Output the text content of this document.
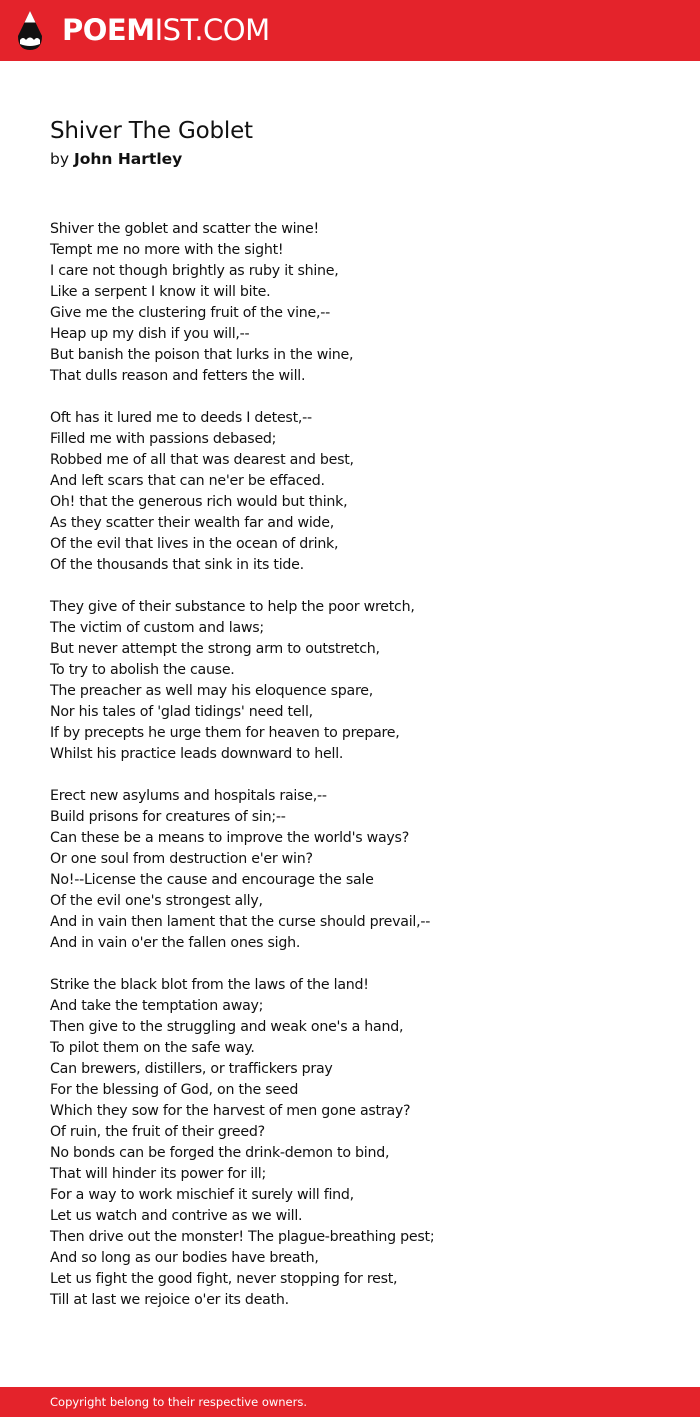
POEMIST.COM
Shiver The Goblet

by John Hartley

Shiver the goblet and scatter the wine!
Tempt me no more with the sight!
I care not though brightly as ruby it shine,
Like a serpent I know it will bite.
Give me the clustering fruit of the vine,--
Heap up my dish if you will,--
But banish the poison that lurks in the wine,
That dulls reason and fetters the will.
Oft has it lured me to deeds I detest,--
Filled me with passions debased;
Robbed me of all that was dearest and best,
And left scars that can ne'er be effaced.
Oh! that the generous rich would but think,
As they scatter their wealth far and wide,
Of the evil that lives in the ocean of drink,
Of the thousands that sink in its tide.
They give of their substance to help the poor wretch,
The victim of custom and laws;
But never attempt the strong arm to outstretch,
To try to abolish the cause.
The preacher as well may his eloquence spare,
Nor his tales of 'glad tidings' need tell,
If by precepts he urge them for heaven to prepare,
Whilst his practice leads downward to hell.
Erect new asylums and hospitals raise,--
Build prisons for creatures of sin;--
Can these be a means to improve the world's ways?
Or one soul from destruction e'er win?
No!--License the cause and encourage the sale
Of the evil one's strongest ally,
And in vain then lament that the curse should prevail,--
And in vain o'er the fallen ones sigh.
Strike the black blot from the laws of the land!
And take the temptation away;
Then give to the struggling and weak one's a hand,
To pilot them on the safe way.
Can brewers, distillers, or traffickers pray
For the blessing of God, on the seed
Which they sow for the harvest of men gone astray?
Of ruin, the fruit of their greed?
No bonds can be forged the drink-demon to bind,
That will hinder its power for ill;
For a way to work mischief it surely will find,
Let us watch and contrive as we will.
Then drive out the monster! The plague-breathing pest;
And so long as our bodies have breath,
Let us fight the good fight, never stopping for rest,
Till at last we rejoice o'er its death.
Copyright belong to their respective owners.
